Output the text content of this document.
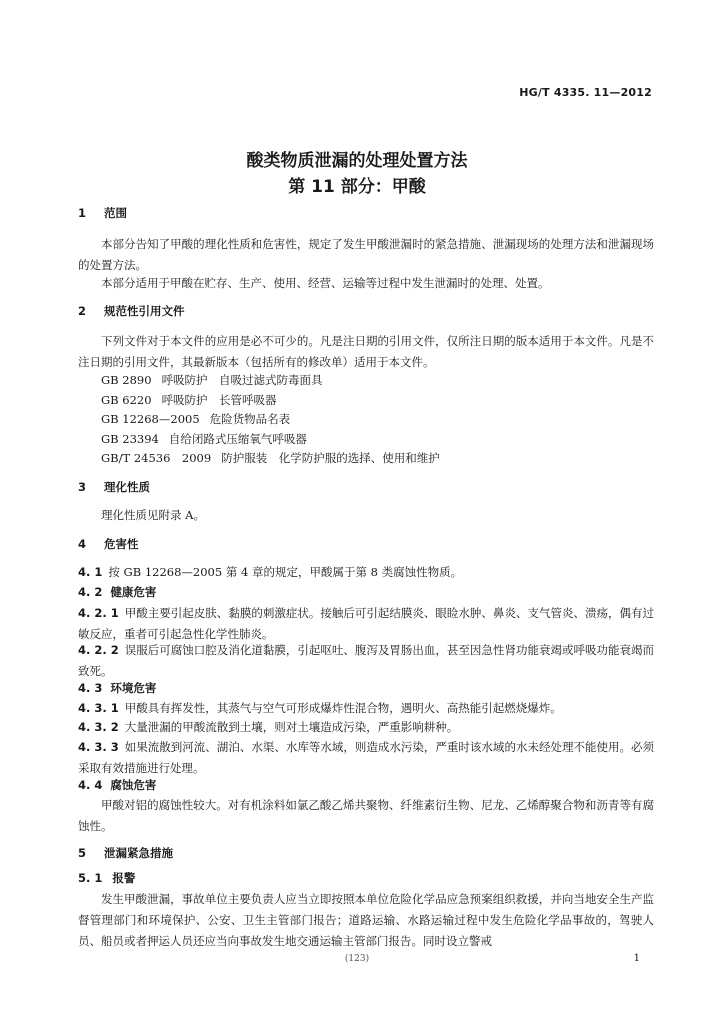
HG/T 4335. 11—2012
酸类物质泄漏的处理处置方法
第 11 部分：甲酸
1 范围
本部分告知了甲酸的理化性质和危害性，规定了发生甲酸泄漏时的紧急措施、泄漏现场的处理方法和泄漏现场的处置方法。
本部分适用于甲酸在贮存、生产、使用、经营、运输等过程中发生泄漏时的处理、处置。
2 规范性引用文件
下列文件对于本文件的应用是必不可少的。凡是注日期的引用文件，仅所注日期的版本适用于本文件。凡是不注日期的引用文件，其最新版本（包括所有的修改单）适用于本文件。
GB 2890 呼吸防护　自吸过滤式防毒面具
GB 6220 呼吸防护　长管呼吸器
GB 12268—2005 危险货物品名表
GB 23394 自给闭路式压缩氧气呼吸器
GB/T 24536　2009 防护服装　化学防护服的选择、使用和维护
3 理化性质
理化性质见附录 A。
4 危害性
4. 1 按 GB 12268—2005 第 4 章的规定，甲酸属于第 8 类腐蚀性物质。
4. 2 健康危害
4. 2. 1 甲酸主要引起皮肤、黏膜的刺激症状。接触后可引起结膜炎、眼睑水肿、鼻炎、支气管炎、溃疡，偶有过敏反应，重者可引起急性化学性肺炎。
4. 2. 2 误服后可腐蚀口腔及消化道黏膜，引起呕吐、腹泻及胃肠出血，甚至因急性肾功能衰竭或呼吸功能衰竭而致死。
4. 3 环境危害
4. 3. 1 甲酸具有挥发性，其蒸气与空气可形成爆炸性混合物，遇明火、高热能引起燃烧爆炸。
4. 3. 2 大量泄漏的甲酸流散到土壤，则对土壤造成污染，严重影响耕种。
4. 3. 3 如果流散到河流、湖泊、水渠、水库等水域，则造成水污染，严重时该水域的水未经处理不能使用。必须采取有效措施进行处理。
4. 4 腐蚀危害
甲酸对铝的腐蚀性较大。对有机涂料如氯乙酸乙烯共聚物、纤维素衍生物、尼龙、乙烯醇聚合物和沥青等有腐蚀性。
5 泄漏紧急措施
5. 1 报警
发生甲酸泄漏，事故单位主要负责人应当立即按照本单位危险化学品应急预案组织救援，并向当地安全生产监督管理部门和环境保护、公安、卫生主管部门报告；道路运输、水路运输过程中发生危险化学品事故的，驾驶人员、船员或者押运人员还应当向事故发生地交通运输主管部门报告。同时设立警戒
(123)	1
